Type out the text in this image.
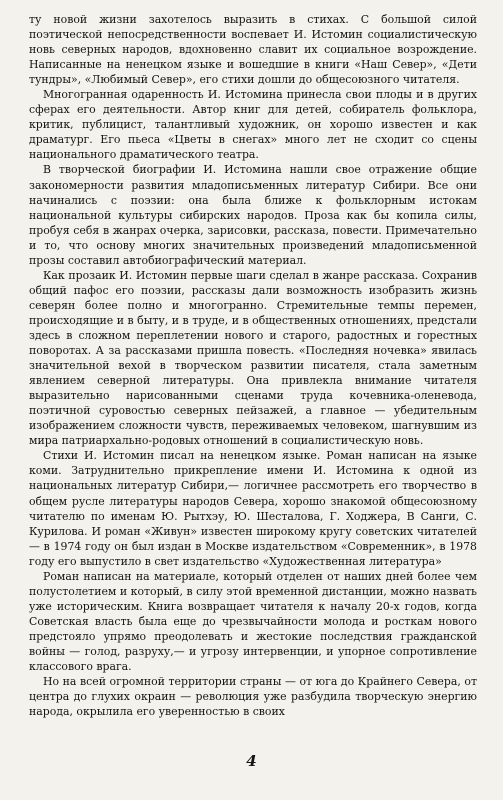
ту новой жизни захотелось выразить в стихах. С большой силой поэтической непосредственности воспевает И. Истомин социалистическую новь северных народов, вдохновенно славит их социальное возрождение. Написанные на ненецком языке и вошедшие в книги «Наш Север», «Дети тундры», «Любимый Север», его стихи дошли до общесоюзного читателя.

Многогранная одаренность И. Истомина принесла свои плоды и в других сферах его деятельности. Автор книг для детей, собиратель фольклора, критик, публицист, талантливый художник, он хорошо известен и как драматург. Его пьеса «Цветы в снегах» много лет не сходит со сцены национального драматического театра.

В творческой биографии И. Истомина нашли свое отражение общие закономерности развития младописьменных литератур Сибири. Все они начинались с поэзии: она была ближе к фольклорным истокам национальной культуры сибирских народов. Проза как бы копила силы, пробуя себя в жанрах очерка, зарисовки, рассказа, повести. Примечательно и то, что основу многих значительных произведений младописьменной прозы составил автобиографический материал.

Как прозаик И. Истомин первые шаги сделал в жанре рассказа. Сохранив общий пафос его поэзии, рассказы дали возможность изобразить жизнь северян более полно и многогранно. Стремительные темпы перемен, происходящие и в быту, и в труде, и в общественных отношениях, предстали здесь в сложном переплетении нового и старого, радостных и горестных поворотах. А за рассказами пришла повесть. «Последняя ночевка» явилась значительной вехой в творческом развитии писателя, стала заметным явлением северной литературы. Она привлекла внимание читателя выразительно нарисованными сценами труда кочевника-оленевода, поэтичной суровостью северных пейзажей, а главное — убедительным изображением сложности чувств, переживаемых человеком, шагнувшим из мира патриархально-родовых отношений в социалистическую новь.

Стихи И. Истомин писал на ненецком языке. Роман написан на языке коми. Затруднительно прикрепление имени И. Истомина к одной из национальных литератур Сибири,— логичнее рассмотреть его творчество в общем русле литературы народов Севера, хорошо знакомой общесоюзному читателю по именам Ю. Рытхэу, Ю. Шесталова, Г. Ходжера, В Санги, С. Курилова. И роман «Живун» известен широкому кругу советских читателей — в 1974 году он был издан в Москве издательством «Современник», в 1978 году его выпустило в свет издательство «Художественная литература»

Роман написан на материале, который отделен от наших дней более чем полустолетием и который, в силу этой временной дистанции, можно назвать уже историческим. Книга возвращает читателя к началу 20-х годов, когда Советская власть была еще до чрезвычайности молода и росткам нового предстояло упрямо преодолевать и жестокие последствия гражданской войны — голод, разруху,— и угрозу интервенции, и упорное сопротивление классового врага.

Но на всей огромной территории страны — от юга до Крайнего Севера, от центра до глухих окраин — революция уже разбудила творческую энергию народа, окрылила его уверенностью в своих

4
